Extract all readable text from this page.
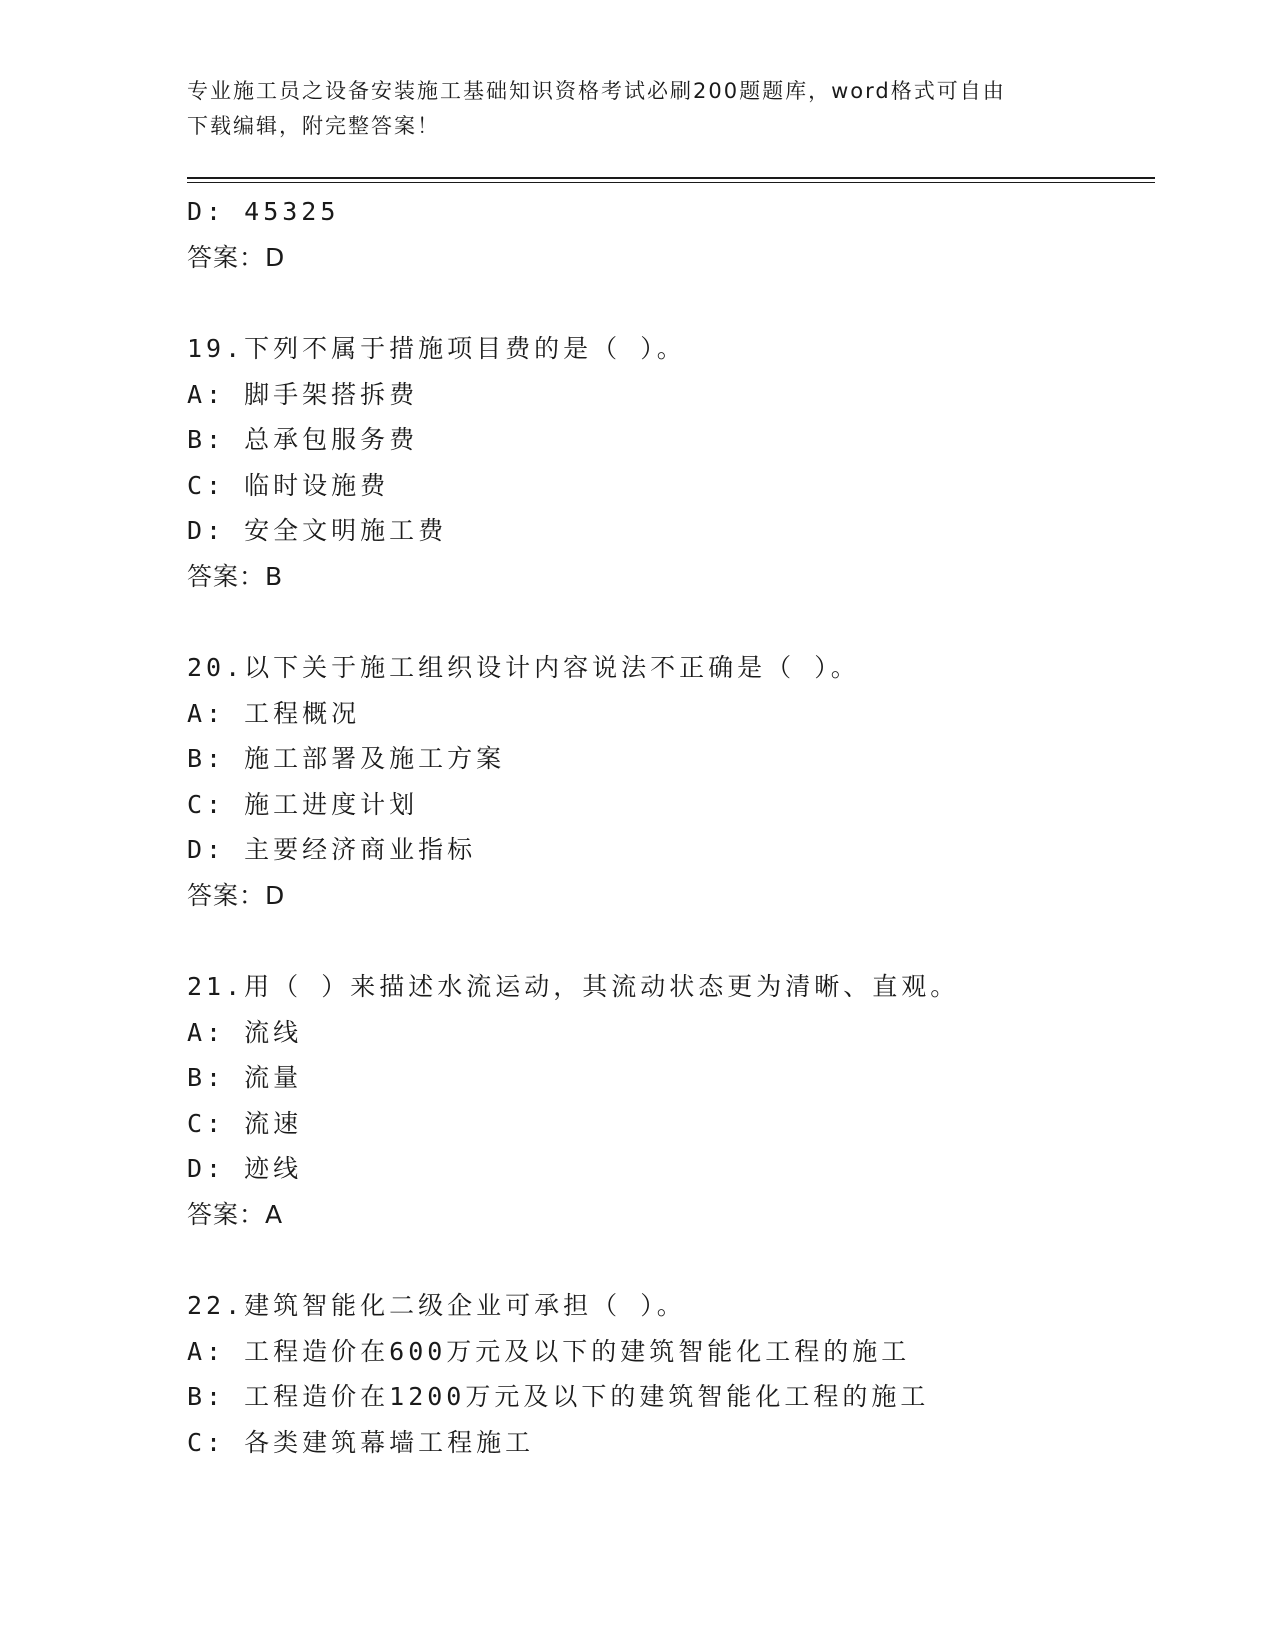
专业施工员之设备安装施工基础知识资格考试必刷200题题库，word格式可自由
下载编辑，附完整答案！
D: 45325
答案：D
19.下列不属于措施项目费的是（ ）。
A: 脚手架搭拆费
B: 总承包服务费
C: 临时设施费
D: 安全文明施工费
答案：B
20.以下关于施工组织设计内容说法不正确是（ ）。
A: 工程概况
B: 施工部署及施工方案
C: 施工进度计划
D: 主要经济商业指标
答案：D
21.用（ ）来描述水流运动，其流动状态更为清晰、直观。
A: 流线
B: 流量
C: 流速
D: 迹线
答案：A
22.建筑智能化二级企业可承担（ ）。
A: 工程造价在600万元及以下的建筑智能化工程的施工
B: 工程造价在1200万元及以下的建筑智能化工程的施工
C: 各类建筑幕墙工程施工
